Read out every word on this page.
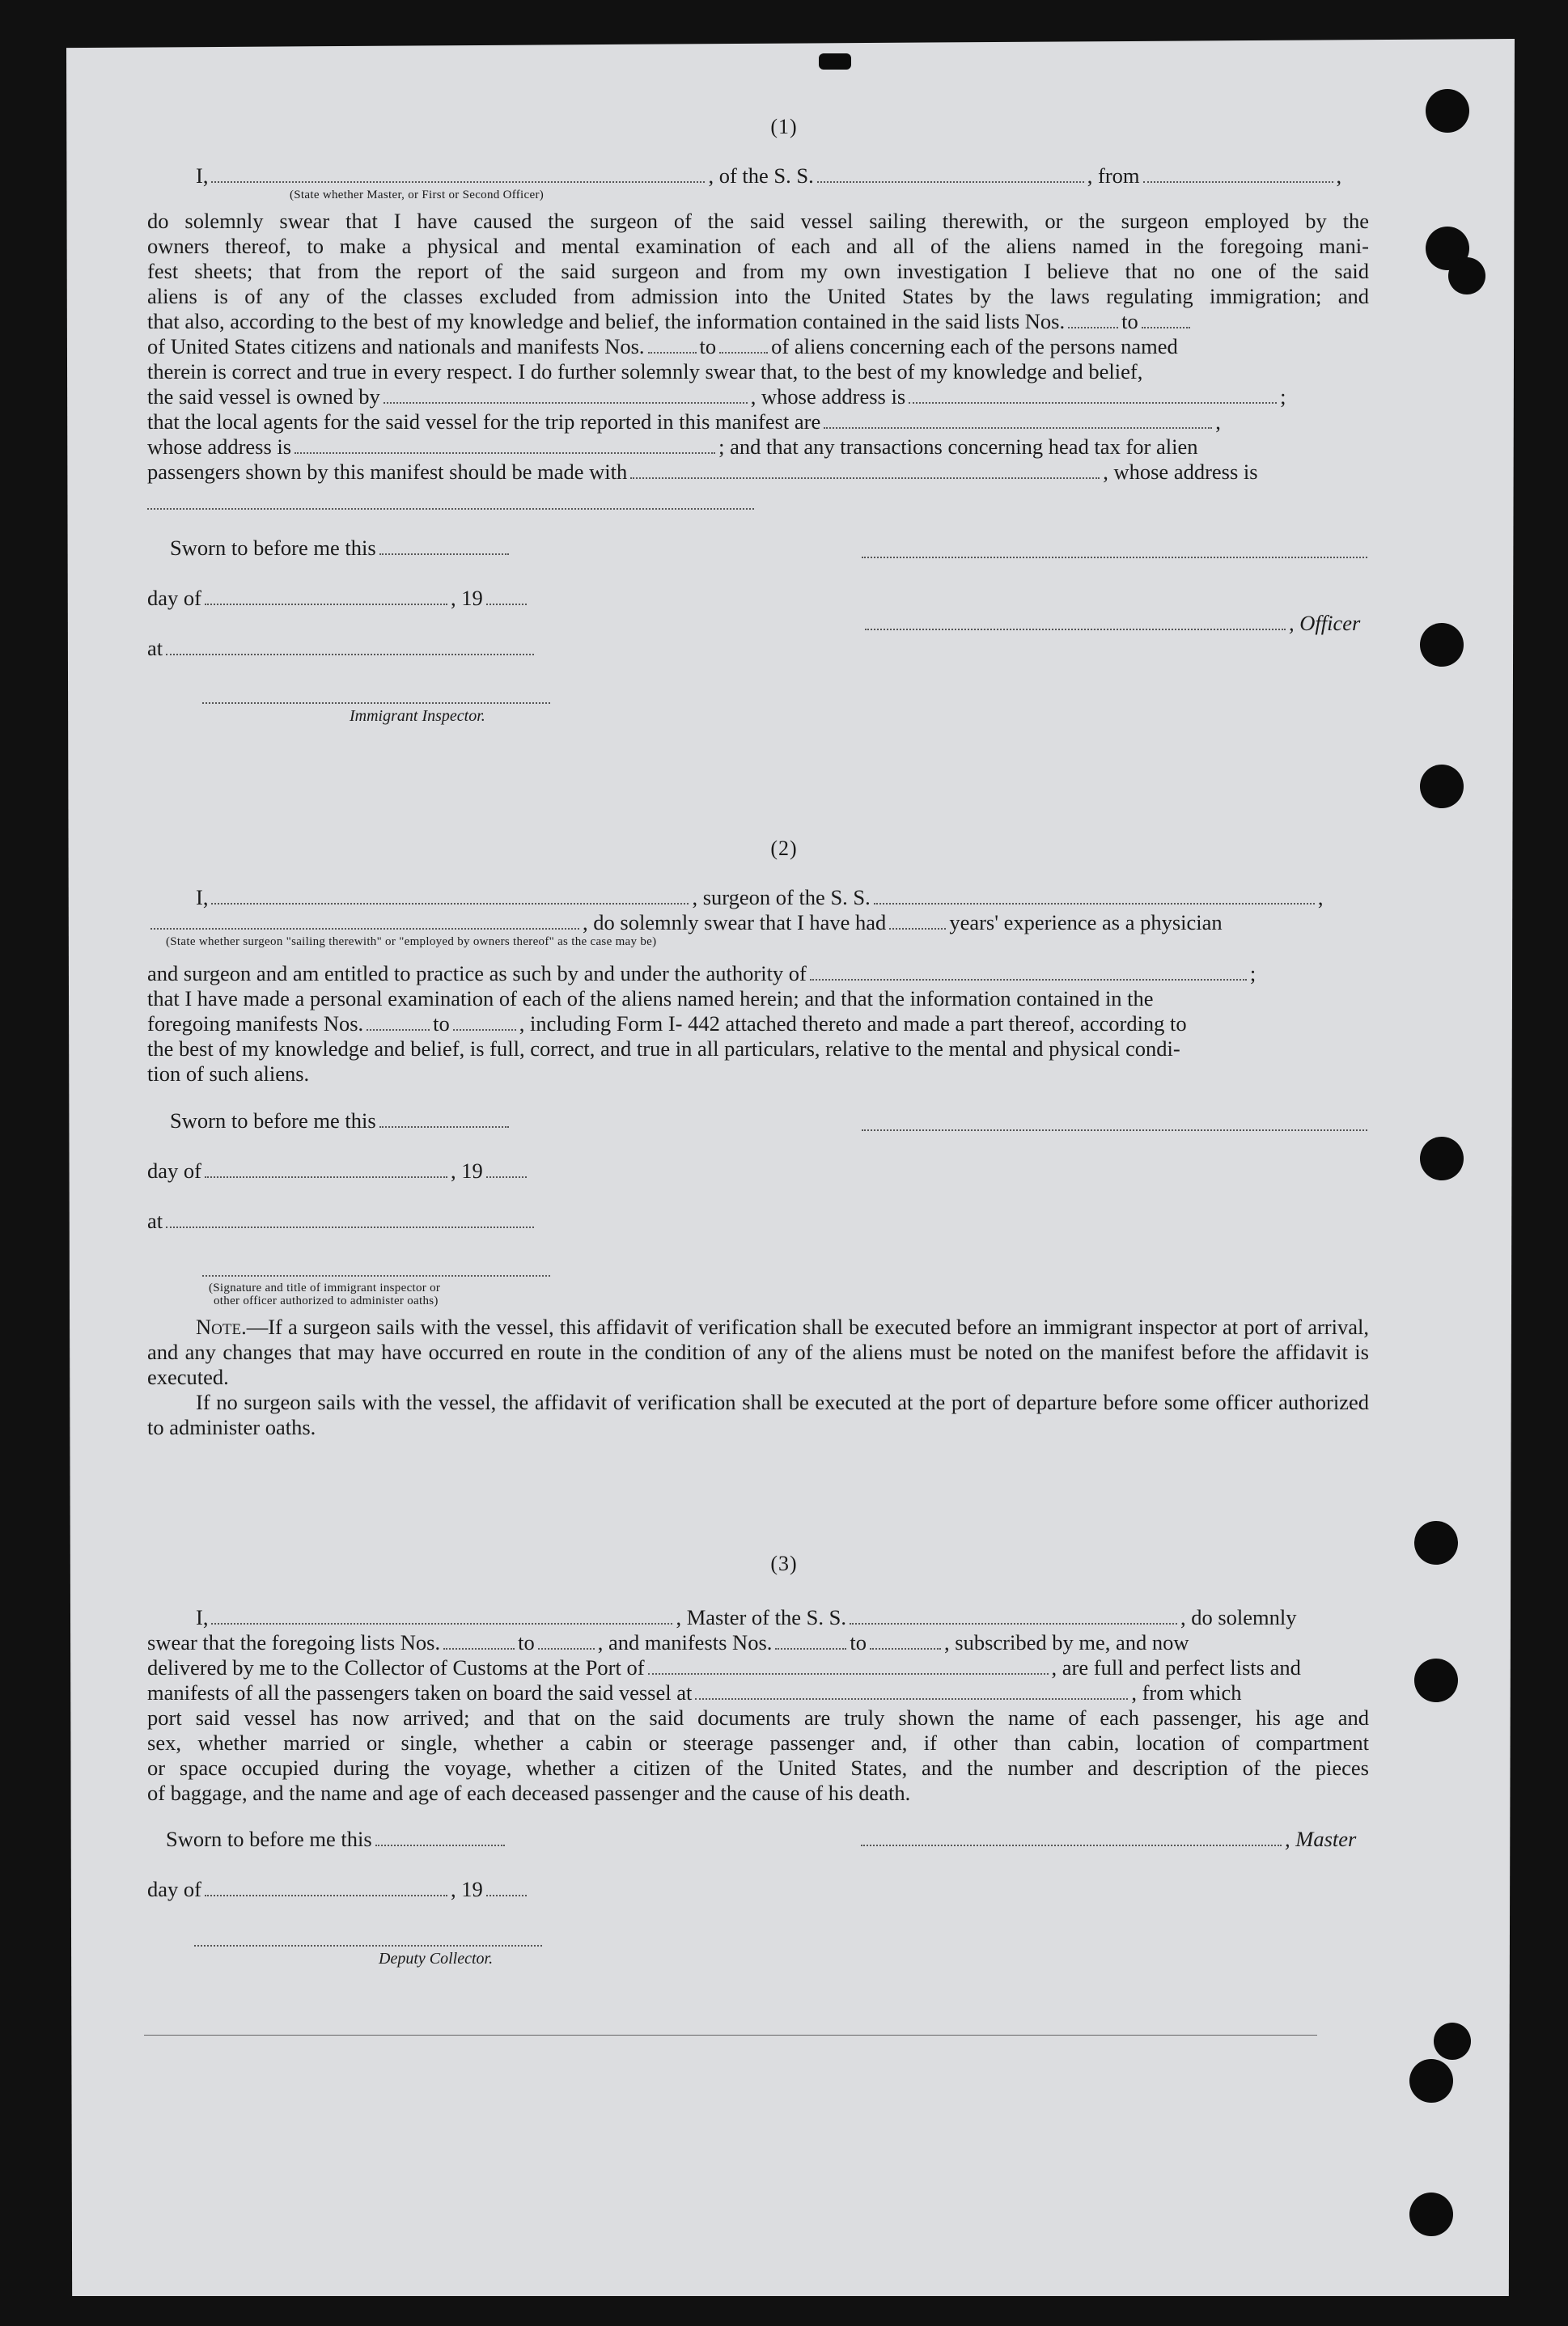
(1)
I,	, of the S. S.	, from	,
(State whether Master, or First or Second Officer)
do solemnly swear that I have caused the surgeon of the said vessel sailing therewith, or the surgeon employed by the
owners thereof, to make a physical and mental examination of each and all of the aliens named in the foregoing mani-
fest sheets; that from the report of the said surgeon and from my own investigation I believe that no one of the said
aliens is of any of the classes excluded from admission into the United States by the laws regulating immigration; and
that also, according to the best of my knowledge and belief, the information contained in the said lists Nos.	to
of United States citizens and nationals and manifests Nos.	to	of aliens concerning each of the persons named
therein is correct and true in every respect. I do further solemnly swear that, to the best of my knowledge and belief,
the said vessel is owned by	, whose address is	;
that the local agents for the said vessel for the trip reported in this manifest are	,
whose address is	; and that any transactions concerning head tax for alien
passengers shown by this manifest should be made with	, whose address is
Sworn to before me this
day of	, 19
, Officer
at
Immigrant Inspector.
(2)
I,	, surgeon of the S. S.	,
, do solemnly swear that I have had	years' experience as a physician
(State whether surgeon "sailing therewith" or "employed by owners thereof" as the case may be)
and surgeon and am entitled to practice as such by and under the authority of	;
that I have made a personal examination of each of the aliens named herein; and that the information contained in the
foregoing manifests Nos.	to	, including Form I- 442 attached thereto and made a part thereof, according to
the best of my knowledge and belief, is full, correct, and true in all particulars, relative to the mental and physical condi-
tion of such aliens.
Sworn to before me this
day of	, 19
at
(Signature and title of immigrant inspector or
other officer authorized to administer oaths)

Note.—If a surgeon sails with the vessel, this affidavit of verification shall be executed before an immigrant inspector at port of arrival, and any changes that may have occurred en route in the condition of any of the aliens must be noted on the manifest before the affidavit is executed.

If no surgeon sails with the vessel, the affidavit of verification shall be executed at the port of departure before some officer authorized to administer oaths.

(3)
I,	, Master of the S. S.	, do solemnly
swear that the foregoing lists Nos.	to	, and manifests Nos.	to	, subscribed by me, and now
delivered by me to the Collector of Customs at the Port of	, are full and perfect lists and
manifests of all the passengers taken on board the said vessel at	, from which
port said vessel has now arrived; and that on the said documents are truly shown the name of each passenger, his age and
sex, whether married or single, whether a cabin or steerage passenger and, if other than cabin, location of compartment
or space occupied during the voyage, whether a citizen of the United States, and the number and description of the pieces
of baggage, and the name and age of each deceased passenger and the cause of his death.
Sworn to before me this	, Master
day of	, 19
Deputy Collector.
